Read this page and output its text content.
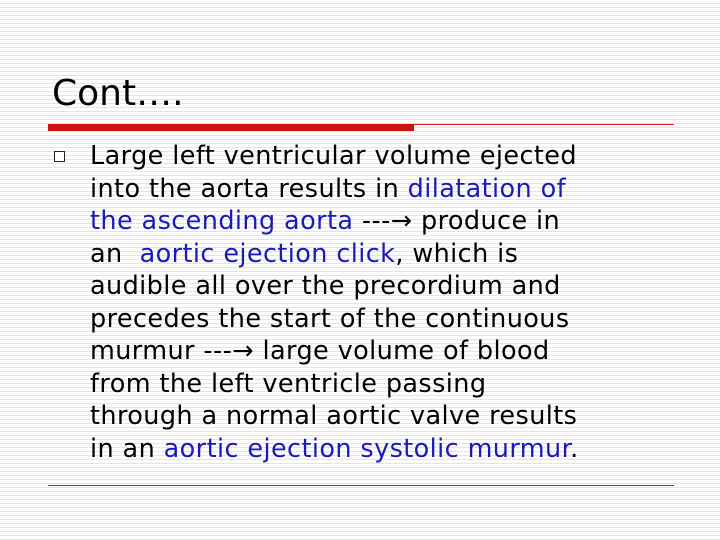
Cont….
Large left ventricular volume ejected
into the aorta results in dilatation of
the ascending aorta ---→ produce in
an  aortic ejection click, which is
audible all over the precordium and
precedes the start of the continuous
murmur ---→ large volume of blood
from the left ventricle passing
through a normal aortic valve results
in an aortic ejection systolic murmur.
